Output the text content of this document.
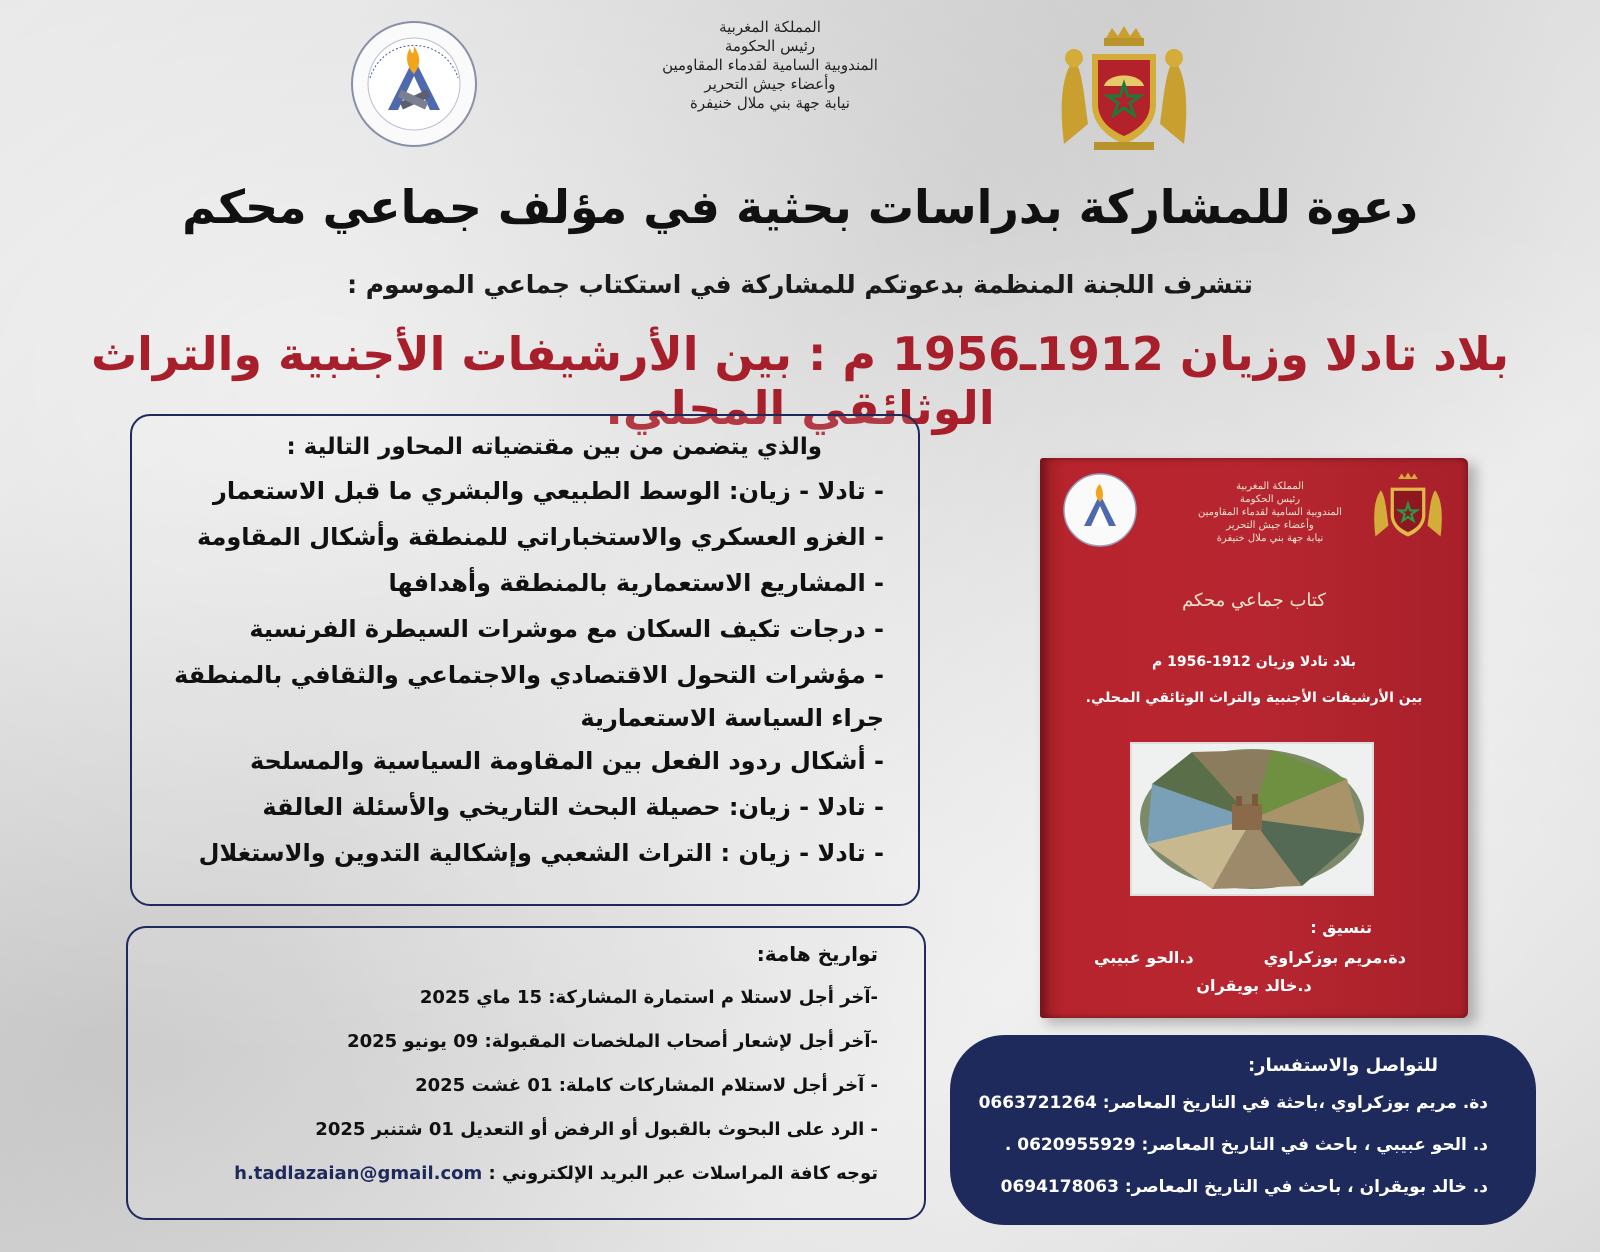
المملكة المغربية
رئيس الحكومة
المندوبية السامية لقدماء المقاومين
وأعضاء جيش التحرير
نيابة جهة بني ملال خنيفرة
دعوة للمشاركة بدراسات بحثية في مؤلف جماعي محكم
تتشرف اللجنة المنظمة بدعوتكم للمشاركة في استكتاب جماعي الموسوم :
بلاد تادلا وزيان 1912ـ1956 م : بين الأرشيفات الأجنبية والتراث الوثائقي المحلي.
والذي يتضمن من بين مقتضياته المحاور التالية :
- تادلا - زيان: الوسط الطبيعي والبشري ما قبل الاستعمار
- الغزو العسكري والاستخباراتي للمنطقة وأشكال المقاومة
- المشاريع الاستعمارية بالمنطقة وأهدافها
- درجات تكيف السكان مع موشرات السيطرة الفرنسية
- مؤشرات التحول الاقتصادي والاجتماعي والثقافي بالمنطقة
جراء السياسة الاستعمارية
- أشكال ردود الفعل بين المقاومة السياسية والمسلحة
- تادلا - زيان: حصيلة البحث التاريخي والأسئلة العالقة
- تادلا - زيان : التراث الشعبي وإشكالية التدوين والاستغلال
تواريخ هامة:
-آخر أجل لاستلا م استمارة المشاركة: 15 ماي 2025
-آخر أجل لإشعار أصحاب الملخصات المقبولة: 09 يونيو 2025
- آخر أجل لاستلام المشاركات كاملة: 01 غشت 2025
- الرد على البحوث بالقبول أو الرفض أو التعديل 01 شتنبر 2025
توجه كافة المراسلات عبر البريد الإلكتروني : h.tadlazaian@gmail.com
للتواصل والاستفسار:
دة. مريم بوزكراوي ،باحثة في التاريخ المعاصر: 0663721264
د. الحو عبيبي ، باحث في التاريخ المعاصر: 0620955929 .
د. خالد بويقران ، باحث في التاريخ المعاصر: 0694178063
المملكة المغربية
رئيس الحكومة
المندوبية السامية لقدماء المقاومين
وأعضاء جيش التحرير
نيابة جهة بني ملال خنيفرة
كتاب جماعي محكم
بلاد تادلا وزيان 1912-1956 م
بين الأرشيفات الأجنبية والتراث الوثائقي المحلي.
تنسيق :
دة.مريم بوزكراويد.الحو عبيبي
د.خالد بويقران
